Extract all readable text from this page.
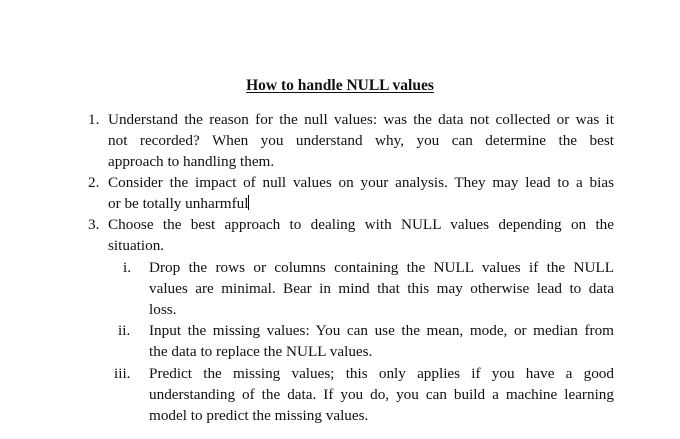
How to handle NULL values
1. Understand the reason for the null values: was the data not collected or was it
not recorded? When you understand why, you can determine the best
approach to handling them.
2. Consider the impact of null values on your analysis. They may lead to a bias
or be totally unharmful
3. Choose the best approach to dealing with NULL values depending on the
situation.
i. Drop the rows or columns containing the NULL values if the NULL
values are minimal. Bear in mind that this may otherwise lead to data
loss.
ii. Input the missing values: You can use the mean, mode, or median from
the data to replace the NULL values.
iii. Predict the missing values; this only applies if you have a good
understanding of the data. If you do, you can build a machine learning
model to predict the missing values.
